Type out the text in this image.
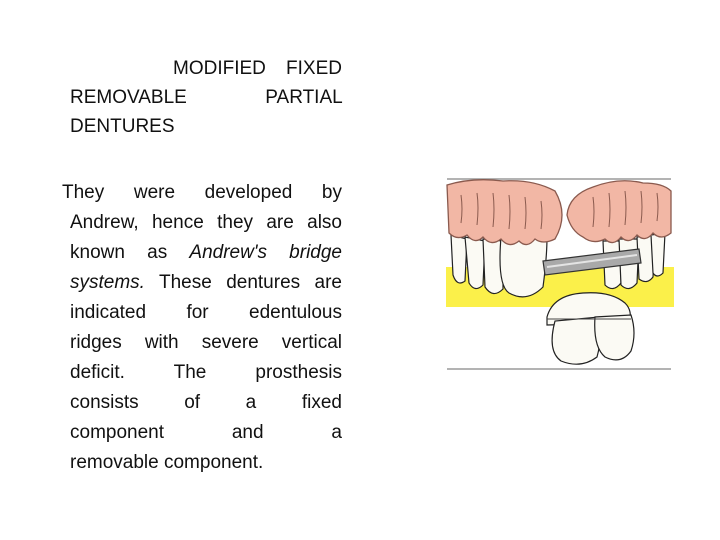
MODIFIED FIXED REMOVABLE PARTIAL DENTURES
They were developed by
Andrew, hence they are also
known as Andrew's bridge
systems. These dentures are
indicated for edentulous
ridges with severe vertical
deficit. The prosthesis
consists of a fixed
component and a
removable component.
